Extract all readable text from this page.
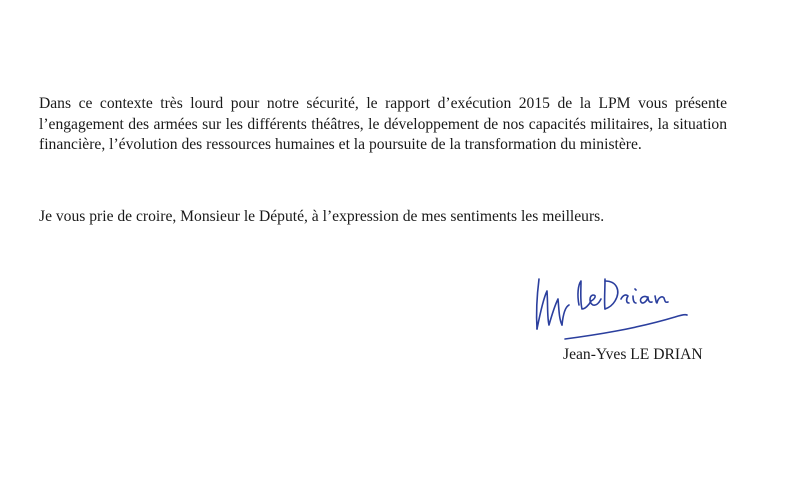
Dans ce contexte très lourd pour notre sécurité, le rapport d’exécution 2015 de la LPM vous présente l’engagement des armées sur les différents théâtres, le développement de nos capacités militaires, la situation financière, l’évolution des ressources humaines et la poursuite de la transformation du ministère.

Je vous prie de croire, Monsieur le Député, à l’expression de mes sentiments les meilleurs.

Jean-Yves LE DRIAN
